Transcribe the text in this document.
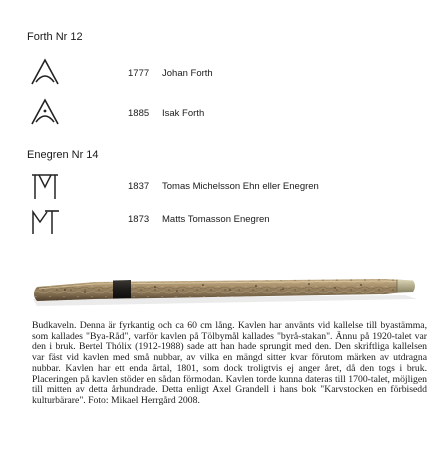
Forth Nr 12
1777 Johan Forth
1885 Isak Forth
Enegren Nr 14
1837 Tomas Michelsson Ehn eller Enegren
1873 Matts Tomasson Enegren

Budkaveln. Denna är fyrkantig och ca 60 cm lång. Kavlen har använts vid kallelse till byastämma, som kallades "Bya-Råd", varför kavlen på Tölbymål kallades "byrå-stakan". Ännu på 1920-talet var den i bruk. Bertel Thólix (1912-1988) sade att han hade sprungit med den. Den skriftliga kallelsen var fäst vid kavlen med små nubbar, av vilka en mängd sitter kvar förutom märken av utdragna nubbar. Kavlen har ett enda årtal, 1801, som dock troligtvis ej anger året, då den togs i bruk. Placeringen på kavlen stöder en sådan förmodan. Kavlen torde kunna dateras till 1700-talet, möjligen till mitten av detta århundrade. Detta enligt Axel Grandell i hans bok "Karvstocken en förbisedd kulturbärare". Foto: Mikael Herrgård 2008.
